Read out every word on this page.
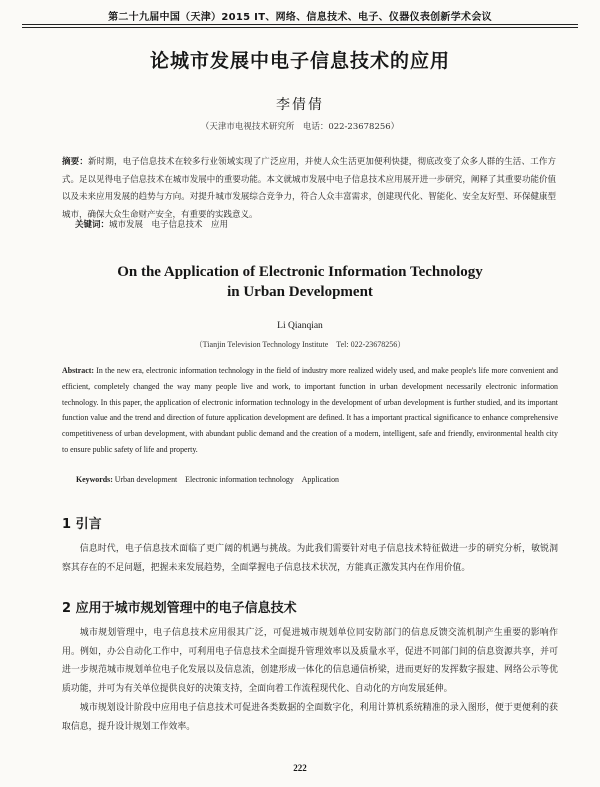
第二十九届中国（天津）2015 IT、网络、信息技术、电子、仪器仪表创新学术会议
论城市发展中电子信息技术的应用
李倩倩
（天津市电视技术研究所　电话：022-23678256）
摘要：新时期，电子信息技术在较多行业领域实现了广泛应用，并使人众生活更加便利快捷，彻底改变了众多人群的生活、工作方式。足以见得电子信息技术在城市发展中的重要功能。本文就城市发展中电子信息技术应用展开进一步研究，阐释了其重要功能价值以及未来应用发展的趋势与方向。对提升城市发展综合竞争力，符合人众丰富需求，创建现代化、智能化、安全友好型、环保健康型城市，确保大众生命财产安全，有重要的实践意义。
关键词：城市发展　电子信息技术　应用
On the Application of Electronic Information Technology
in Urban Development
Li Qianqian
（Tianjin Television Technology Institute　Tel: 022-23678256）
Abstract: In the new era, electronic information technology in the field of industry more realized widely used, and make people's life more convenient and efficient, completely changed the way many people live and work, to important function in urban development necessarily electronic information technology. In this paper, the application of electronic information technology in the development of urban development is further studied, and its important function value and the trend and direction of future application development are defined. It has a important practical significance to enhance comprehensive competitiveness of urban development, with abundant public demand and the creation of a modern, intelligent, safe and friendly, environmental health city to ensure public safety of life and property.
Keywords: Urban development　Electronic information technology　Application
1 引言
信息时代，电子信息技术面临了更广阔的机遇与挑战。为此我们需要针对电子信息技术特征做进一步的研究分析，敏锐洞察其存在的不足问题，把握未来发展趋势，全面掌握电子信息技术状况，方能真正激发其内在作用价值。
2 应用于城市规划管理中的电子信息技术
城市规划管理中，电子信息技术应用很其广泛，可促进城市规划单位同安防部门的信息反馈交流机制产生重要的影响作用。例如，办公自动化工作中，可利用电子信息技术全面提升管理效率以及质量水平，促进不同部门间的信息资源共享，并可进一步规范城市规划单位电子化发展以及信息流，创建形成一体化的信息通信桥梁，进而更好的发挥数字报建、网络公示等优质功能，并可为有关单位提供良好的决策支持，全面向着工作流程现代化、自动化的方向发展延伸。
城市规划设计阶段中应用电子信息技术可促进各类数据的全面数字化，利用计算机系统精准的录入图形，便于更便利的获取信息，提升设计规划工作效率。
222
